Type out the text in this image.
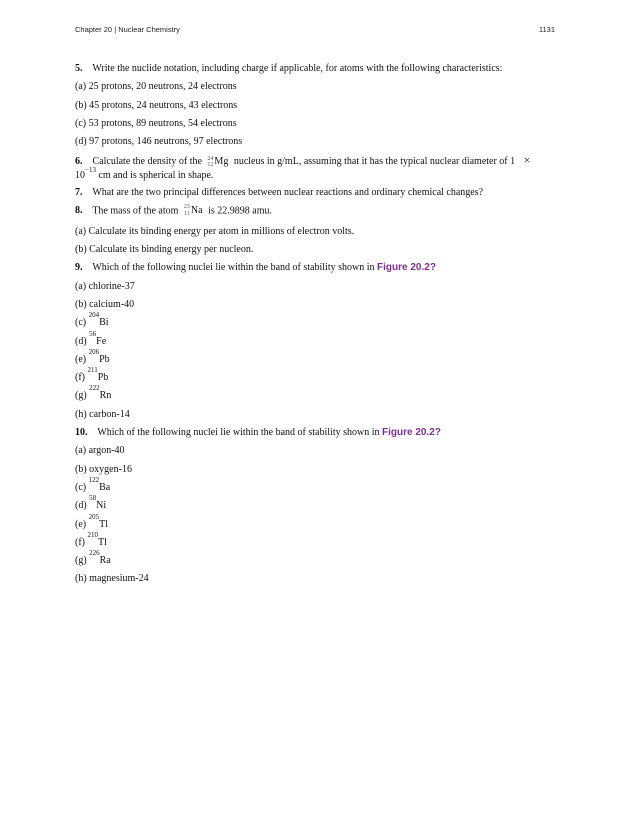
Chapter 20 | Nuclear Chemistry	1131
5. Write the nuclide notation, including charge if applicable, for atoms with the following characteristics:
(a) 25 protons, 20 neutrons, 24 electrons
(b) 45 protons, 24 neutrons, 43 electrons
(c) 53 protons, 89 neutrons, 54 electrons
(d) 97 protons, 146 neutrons, 97 electrons
6. Calculate the density of the 24
12 Mg nucleus in g/mL, assuming that it has the typical nuclear diameter of 1 ×
$10^{-13}$ cm and is spherical in shape.
7. What are the two principal differences between nuclear reactions and ordinary chemical changes?
8. The mass of the atom 23
11 Na is 22.9898 amu.
(a) Calculate its binding energy per atom in millions of electron volts.
(b) Calculate its binding energy per nucleon.
9. Which of the following nuclei lie within the band of stability shown in Figure 20.2?
(a) chlorine-37
(b) calcium-40
(c) $^{204}$Bi
(d) $^{56}$Fe
(e) $^{206}$Pb
(f) $^{211}$Pb
(g) $^{222}$Rn
(h) carbon-14
10. Which of the following nuclei lie within the band of stability shown in Figure 20.2?
(a) argon-40
(b) oxygen-16
(c) $^{122}$Ba
(d) $^{58}$Ni
(e) $^{205}$Tl
(f) $^{210}$Tl
(g) $^{226}$Ra
(h) magnesium-24
